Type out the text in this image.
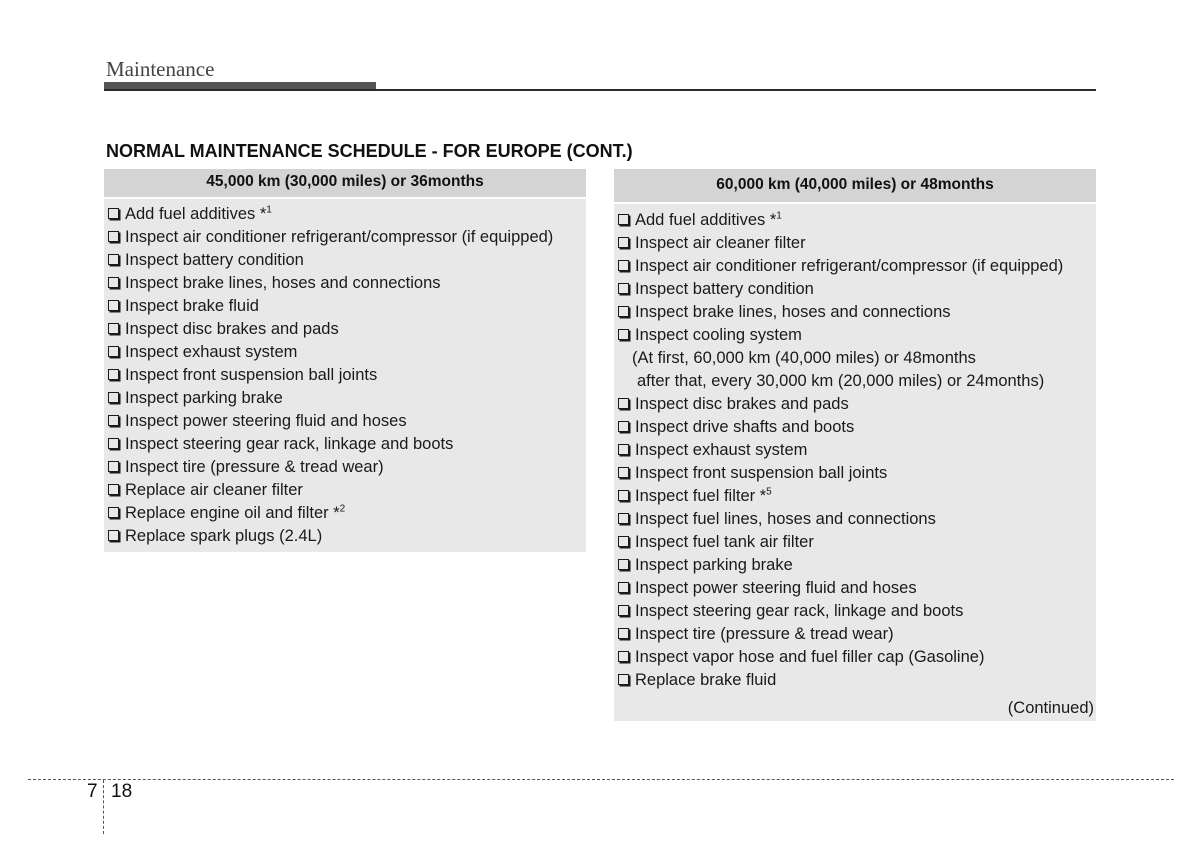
Maintenance
NORMAL MAINTENANCE SCHEDULE - FOR EUROPE (CONT.)
45,000 km (30,000 miles) or 36months
Add fuel additives *$^1$
Inspect air conditioner refrigerant/compressor (if equipped)
Inspect battery condition
Inspect brake lines, hoses and connections
Inspect brake fluid
Inspect disc brakes and pads
Inspect exhaust system
Inspect front suspension ball joints
Inspect parking brake
Inspect power steering fluid and hoses
Inspect steering gear rack, linkage and boots
Inspect tire (pressure & tread wear)
Replace air cleaner filter
Replace engine oil and filter *$^2$
Replace spark plugs (2.4L)
60,000 km (40,000 miles) or 48months
Add fuel additives *$^1$
Inspect air cleaner filter
Inspect air conditioner refrigerant/compressor (if equipped)
Inspect battery condition
Inspect brake lines, hoses and connections
Inspect cooling system
(At first, 60,000 km (40,000 miles) or 48months
after that, every 30,000 km (20,000 miles) or 24months)
Inspect disc brakes and pads
Inspect drive shafts and boots
Inspect exhaust system
Inspect front suspension ball joints
Inspect fuel filter *$^5$
Inspect fuel lines, hoses and connections
Inspect fuel tank air filter
Inspect parking brake
Inspect power steering fluid and hoses
Inspect steering gear rack, linkage and boots
Inspect tire (pressure & tread wear)
Inspect vapor hose and fuel filler cap (Gasoline)
Replace brake fluid
(Continued)
7 18
